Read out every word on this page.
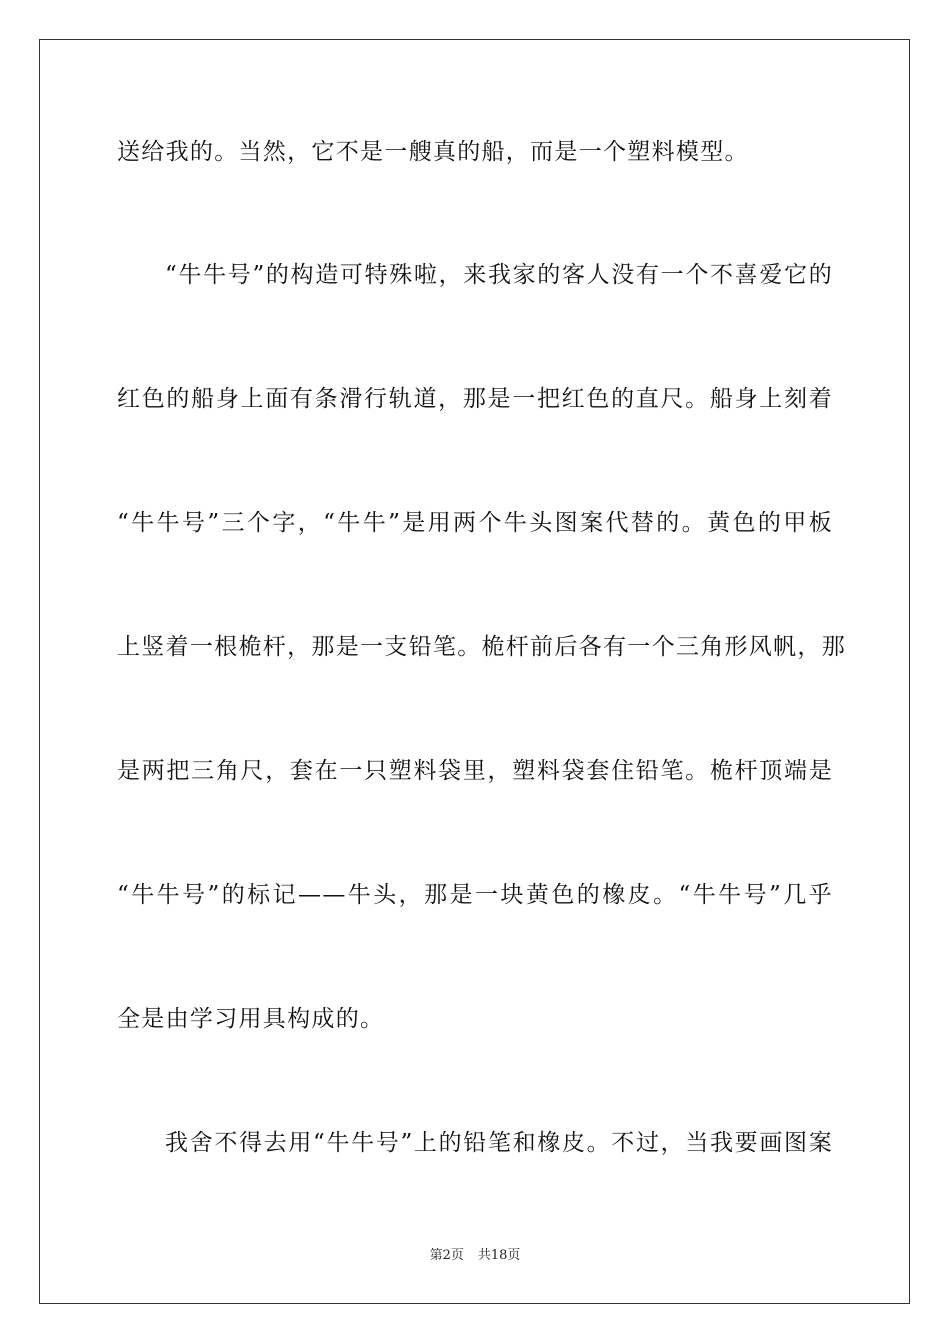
送给我的。当然，它不是一艘真的船，而是一个塑料模型。
“牛牛号”的构造可特殊啦，来我家的客人没有一个不喜爱它的
红色的船身上面有条滑行轨道，那是一把红色的直尺。船身上刻着
“牛牛号”三个字，“牛牛”是用两个牛头图案代替的。黄色的甲板
上竖着一根桅杆，那是一支铅笔。桅杆前后各有一个三角形风帆，那
是两把三角尺，套在一只塑料袋里，塑料袋套住铅笔。桅杆顶端是
“牛牛号”的标记——牛头，那是一块黄色的橡皮。“牛牛号”几乎
全是由学习用具构成的。
我舍不得去用“牛牛号”上的铅笔和橡皮。不过，当我要画图案
第2页 共18页
